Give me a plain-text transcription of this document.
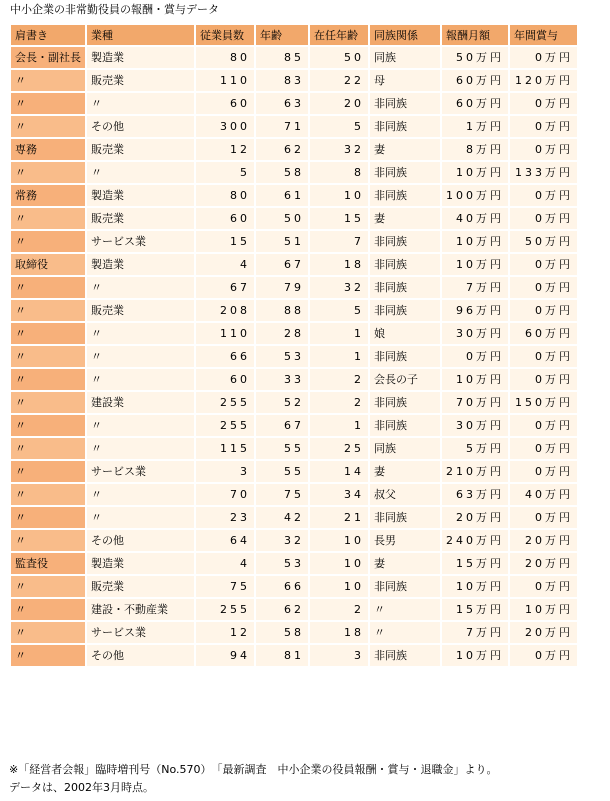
中小企業の非常勤役員の報酬・賞与データ
肩書き	業種	従業員数	年齢	在任年齢	同族関係	報酬月額	年間賞与
会長・副社長	製造業	80	85	50	同族	50万円	0万円
〃	販売業	110	83	22	母	60万円	120万円
〃	〃	60	63	20	非同族	60万円	0万円
〃	その他	300	71	5	非同族	1万円	0万円
専務	販売業	12	62	32	妻	8万円	0万円
〃	〃	5	58	8	非同族	10万円	133万円
常務	製造業	80	61	10	非同族	100万円	0万円
〃	販売業	60	50	15	妻	40万円	0万円
〃	サービス業	15	51	7	非同族	10万円	50万円
取締役	製造業	4	67	18	非同族	10万円	0万円
〃	〃	67	79	32	非同族	7万円	0万円
〃	販売業	208	88	5	非同族	96万円	0万円
〃	〃	110	28	1	娘	30万円	60万円
〃	〃	66	53	1	非同族	0万円	0万円
〃	〃	60	33	2	会長の子	10万円	0万円
〃	建設業	255	52	2	非同族	70万円	150万円
〃	〃	255	67	1	非同族	30万円	0万円
〃	〃	115	55	25	同族	5万円	0万円
〃	サービス業	3	55	14	妻	210万円	0万円
〃	〃	70	75	34	叔父	63万円	40万円
〃	〃	23	42	21	非同族	20万円	0万円
〃	その他	64	32	10	長男	240万円	20万円
監査役	製造業	4	53	10	妻	15万円	20万円
〃	販売業	75	66	10	非同族	10万円	0万円
〃	建設・不動産業	255	62	2	〃	15万円	10万円
〃	サービス業	12	58	18	〃	7万円	20万円
〃	その他	94	81	3	非同族	10万円	0万円
※「経営者会報」臨時増刊号（No.570）　「最新調査　中小企業の役員報酬・賞与・退職金」より。
データは、2002年3月時点。
